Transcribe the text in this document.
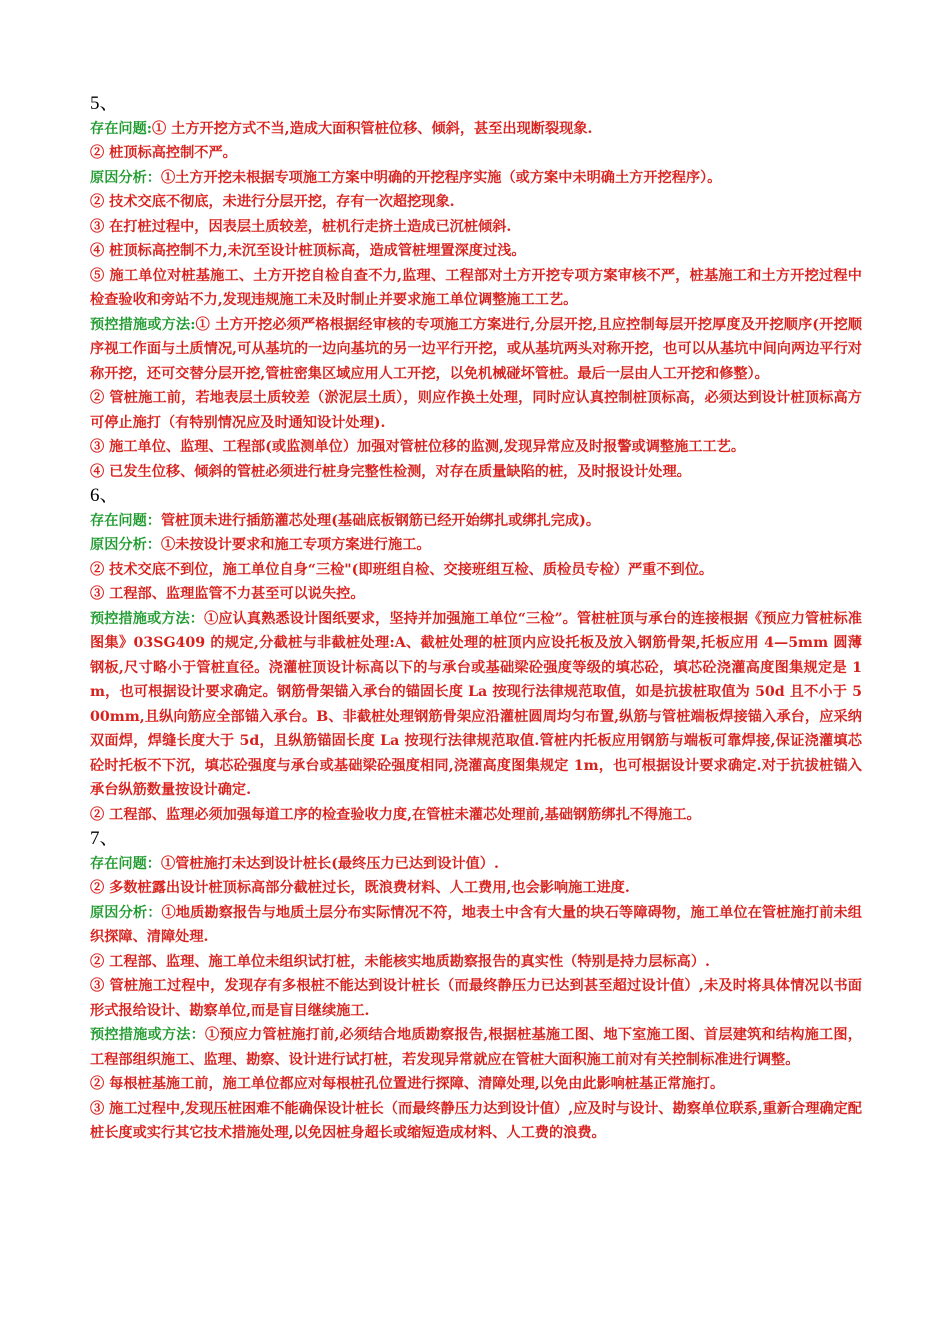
5、

存在问题:① 土方开挖方式不当,造成大面积管桩位移、倾斜，甚至出现断裂现象.

② 桩顶标高控制不严。

原因分析：①土方开挖未根据专项施工方案中明确的开挖程序实施（或方案中未明确土方开挖程序）。

② 技术交底不彻底，未进行分层开挖，存有一次超挖现象.

③ 在打桩过程中，因表层土质较差，桩机行走挤土造成已沉桩倾斜.

④ 桩顶标高控制不力,未沉至设计桩顶标高，造成管桩埋置深度过浅。

⑤ 施工单位对桩基施工、土方开挖自检自查不力,监理、工程部对土方开挖专项方案审核不严，桩基施工和土方开挖过程中检查验收和旁站不力,发现违规施工未及时制止并要求施工单位调整施工工艺。

预控措施或方法:① 土方开挖必须严格根据经审核的专项施工方案进行,分层开挖,且应控制每层开挖厚度及开挖顺序(开挖顺序视工作面与土质情况,可从基坑的一边向基坑的另一边平行开挖，或从基坑两头对称开挖，也可以从基坑中间向两边平行对称开挖，还可交替分层开挖,管桩密集区域应用人工开挖，以免机械碰坏管桩。最后一层由人工开挖和修整）。

② 管桩施工前，若地表层土质较差（淤泥层土质），则应作换土处理，同时应认真控制桩顶标高，必须达到设计桩顶标高方可停止施打（有特别情况应及时通知设计处理).

③ 施工单位、监理、工程部(或监测单位）加强对管桩位移的监测,发现异常应及时报警或调整施工工艺。

④ 已发生位移、倾斜的管桩必须进行桩身完整性检测，对存在质量缺陷的桩，及时报设计处理。

6、

存在问题：管桩顶未进行插筋灌芯处理(基础底板钢筋已经开始绑扎或绑扎完成)。

原因分析：①未按设计要求和施工专项方案进行施工。

② 技术交底不到位，施工单位自身“三检"(即班组自检、交接班组互检、质检员专检）严重不到位。

③ 工程部、监理监管不力甚至可以说失控。

预控措施或方法：①应认真熟悉设计图纸要求，坚持并加强施工单位“三检”。管桩桩顶与承台的连接根据《预应力管桩标准图集》03SG409 的规定,分截桩与非截桩处理:A、截桩处理的桩顶内应设托板及放入钢筋骨架,托板应用 4—5mm 圆薄钢板,尺寸略小于管桩直径。浇灌桩顶设计标高以下的与承台或基础梁砼强度等级的填芯砼，填芯砼浇灌高度图集规定是 1m，也可根据设计要求确定。钢筋骨架锚入承台的锚固长度 La 按现行法律规范取值，如是抗拔桩取值为 50d 且不小于 500mm,且纵向筋应全部锚入承台。B、非截桩处理钢筋骨架应沿灌桩圆周均匀布置,纵筋与管桩端板焊接锚入承台，应采纳双面焊，焊缝长度大于 5d，且纵筋锚固长度 La 按现行法律规范取值.管桩内托板应用钢筋与端板可靠焊接,保证浇灌填芯砼时托板不下沉，填芯砼强度与承台或基础梁砼强度相同,浇灌高度图集规定 1m，也可根据设计要求确定.对于抗拔桩锚入承台纵筋数量按设计确定.

② 工程部、监理必须加强每道工序的检查验收力度,在管桩未灌芯处理前,基础钢筋绑扎不得施工。

7、

存在问题：①管桩施打未达到设计桩长(最终压力已达到设计值）.

② 多数桩露出设计桩顶标高部分截桩过长，既浪费材料、人工费用,也会影响施工进度.

原因分析：①地质勘察报告与地质土层分布实际情况不符，地表土中含有大量的块石等障碍物，施工单位在管桩施打前未组织探障、清障处理.

② 工程部、监理、施工单位未组织试打桩，未能核实地质勘察报告的真实性（特别是持力层标高）.

③ 管桩施工过程中，发现存有多根桩不能达到设计桩长（而最终静压力已达到甚至超过设计值）,未及时将具体情况以书面形式报给设计、勘察单位,而是盲目继续施工.

预控措施或方法：①预应力管桩施打前,必须结合地质勘察报告,根据桩基施工图、地下室施工图、首层建筑和结构施工图，工程部组织施工、监理、勘察、设计进行试打桩，若发现异常就应在管桩大面积施工前对有关控制标准进行调整。

② 每根桩基施工前，施工单位都应对每根桩孔位置进行探障、清障处理,以免由此影响桩基正常施打。

③ 施工过程中,发现压桩困难不能确保设计桩长（而最终静压力达到设计值）,应及时与设计、勘察单位联系,重新合理确定配桩长度或实行其它技术措施处理,以免因桩身超长或缩短造成材料、人工费的浪费。
